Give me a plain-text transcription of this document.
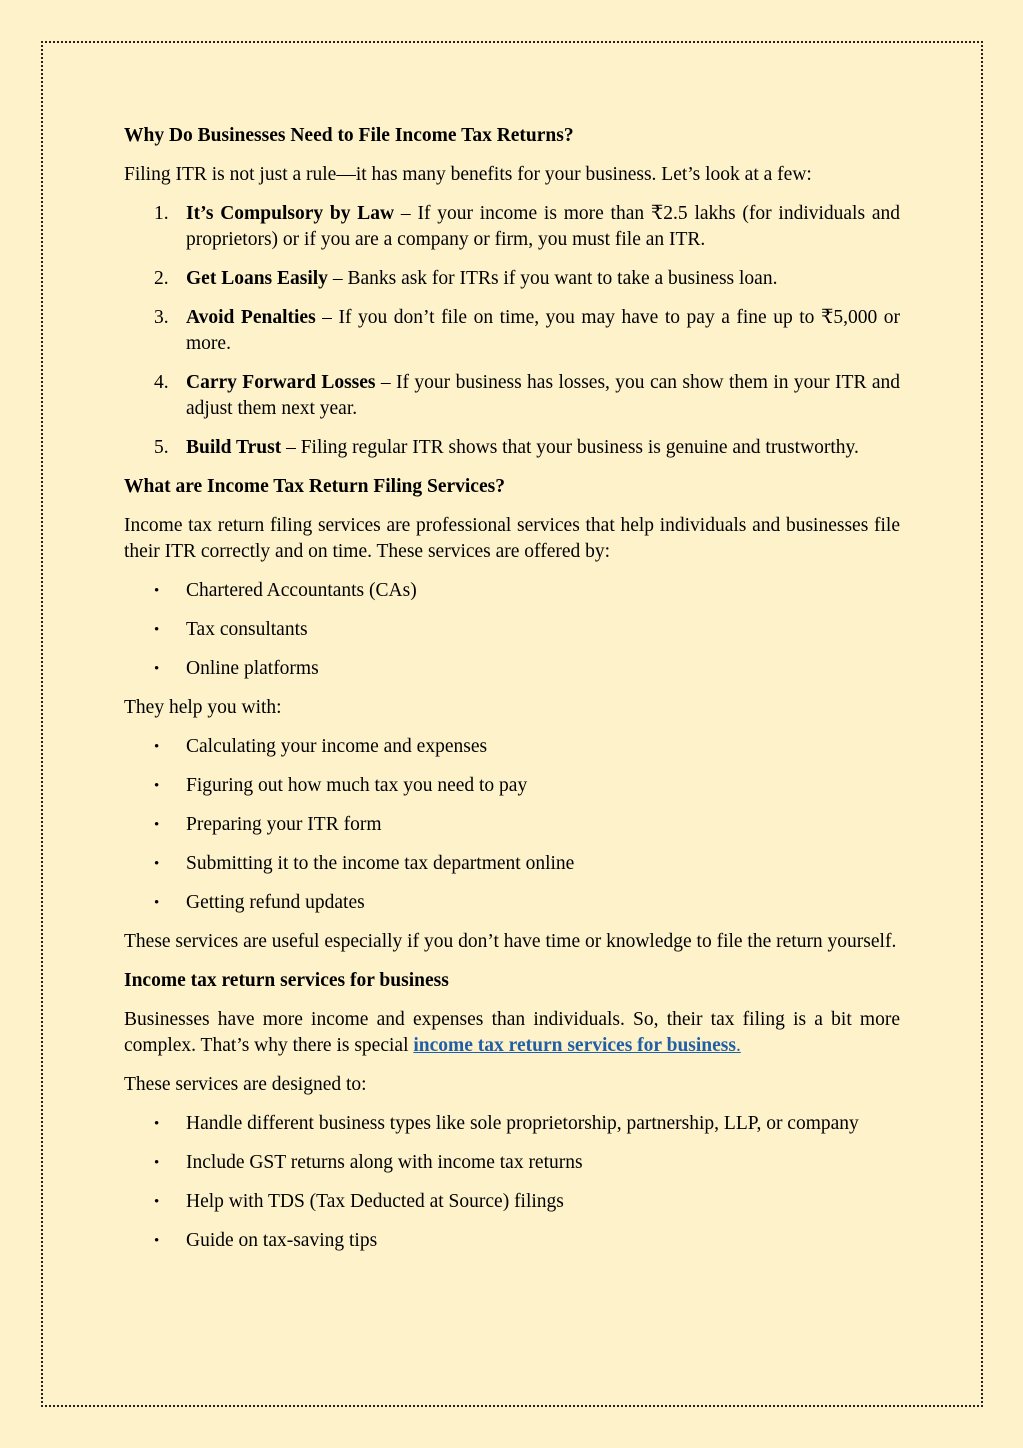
Why Do Businesses Need to File Income Tax Returns?
Filing ITR is not just a rule—it has many benefits for your business. Let’s look at a few:
1. It’s Compulsory by Law – If your income is more than ₹2.5 lakhs (for individuals and proprietors) or if you are a company or firm, you must file an ITR.
2. Get Loans Easily – Banks ask for ITRs if you want to take a business loan.
3. Avoid Penalties – If you don’t file on time, you may have to pay a fine up to ₹5,000 or more.
4. Carry Forward Losses – If your business has losses, you can show them in your ITR and adjust them next year.
5. Build Trust – Filing regular ITR shows that your business is genuine and trustworthy.
What are Income Tax Return Filing Services?
Income tax return filing services are professional services that help individuals and businesses file their ITR correctly and on time. These services are offered by:
• Chartered Accountants (CAs)
• Tax consultants
• Online platforms
They help you with:
• Calculating your income and expenses
• Figuring out how much tax you need to pay
• Preparing your ITR form
• Submitting it to the income tax department online
• Getting refund updates
These services are useful especially if you don’t have time or knowledge to file the return yourself.
Income tax return services for business
Businesses have more income and expenses than individuals. So, their tax filing is a bit more complex. That’s why there is special income tax return services for business.
These services are designed to:
• Handle different business types like sole proprietorship, partnership, LLP, or company
• Include GST returns along with income tax returns
• Help with TDS (Tax Deducted at Source) filings
• Guide on tax-saving tips
